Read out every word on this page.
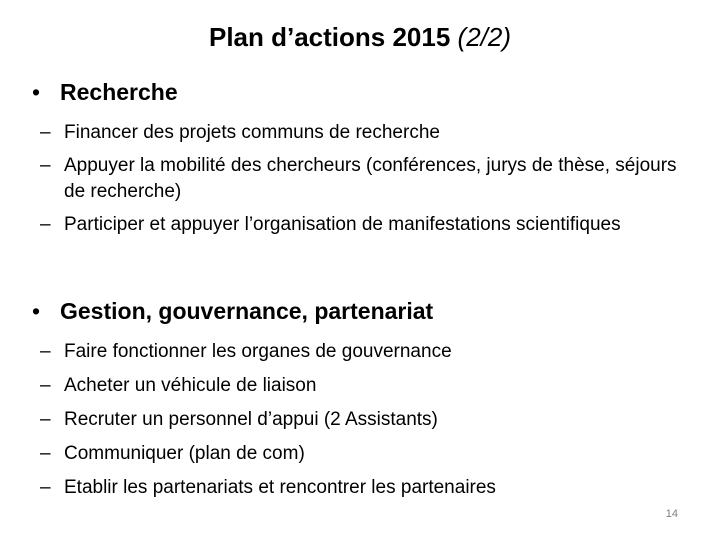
Plan d’actions 2015 (2/2)
• Recherche
– Financer des projets communs de recherche
– Appuyer la mobilité des chercheurs (conférences, jurys de thèse, séjours de recherche)
– Participer et appuyer l’organisation de manifestations scientifiques
• Gestion, gouvernance, partenariat
– Faire fonctionner les organes de gouvernance
– Acheter un véhicule de liaison
– Recruter un personnel d’appui (2 Assistants)
– Communiquer (plan de com)
– Etablir les partenariats et rencontrer les partenaires
14
